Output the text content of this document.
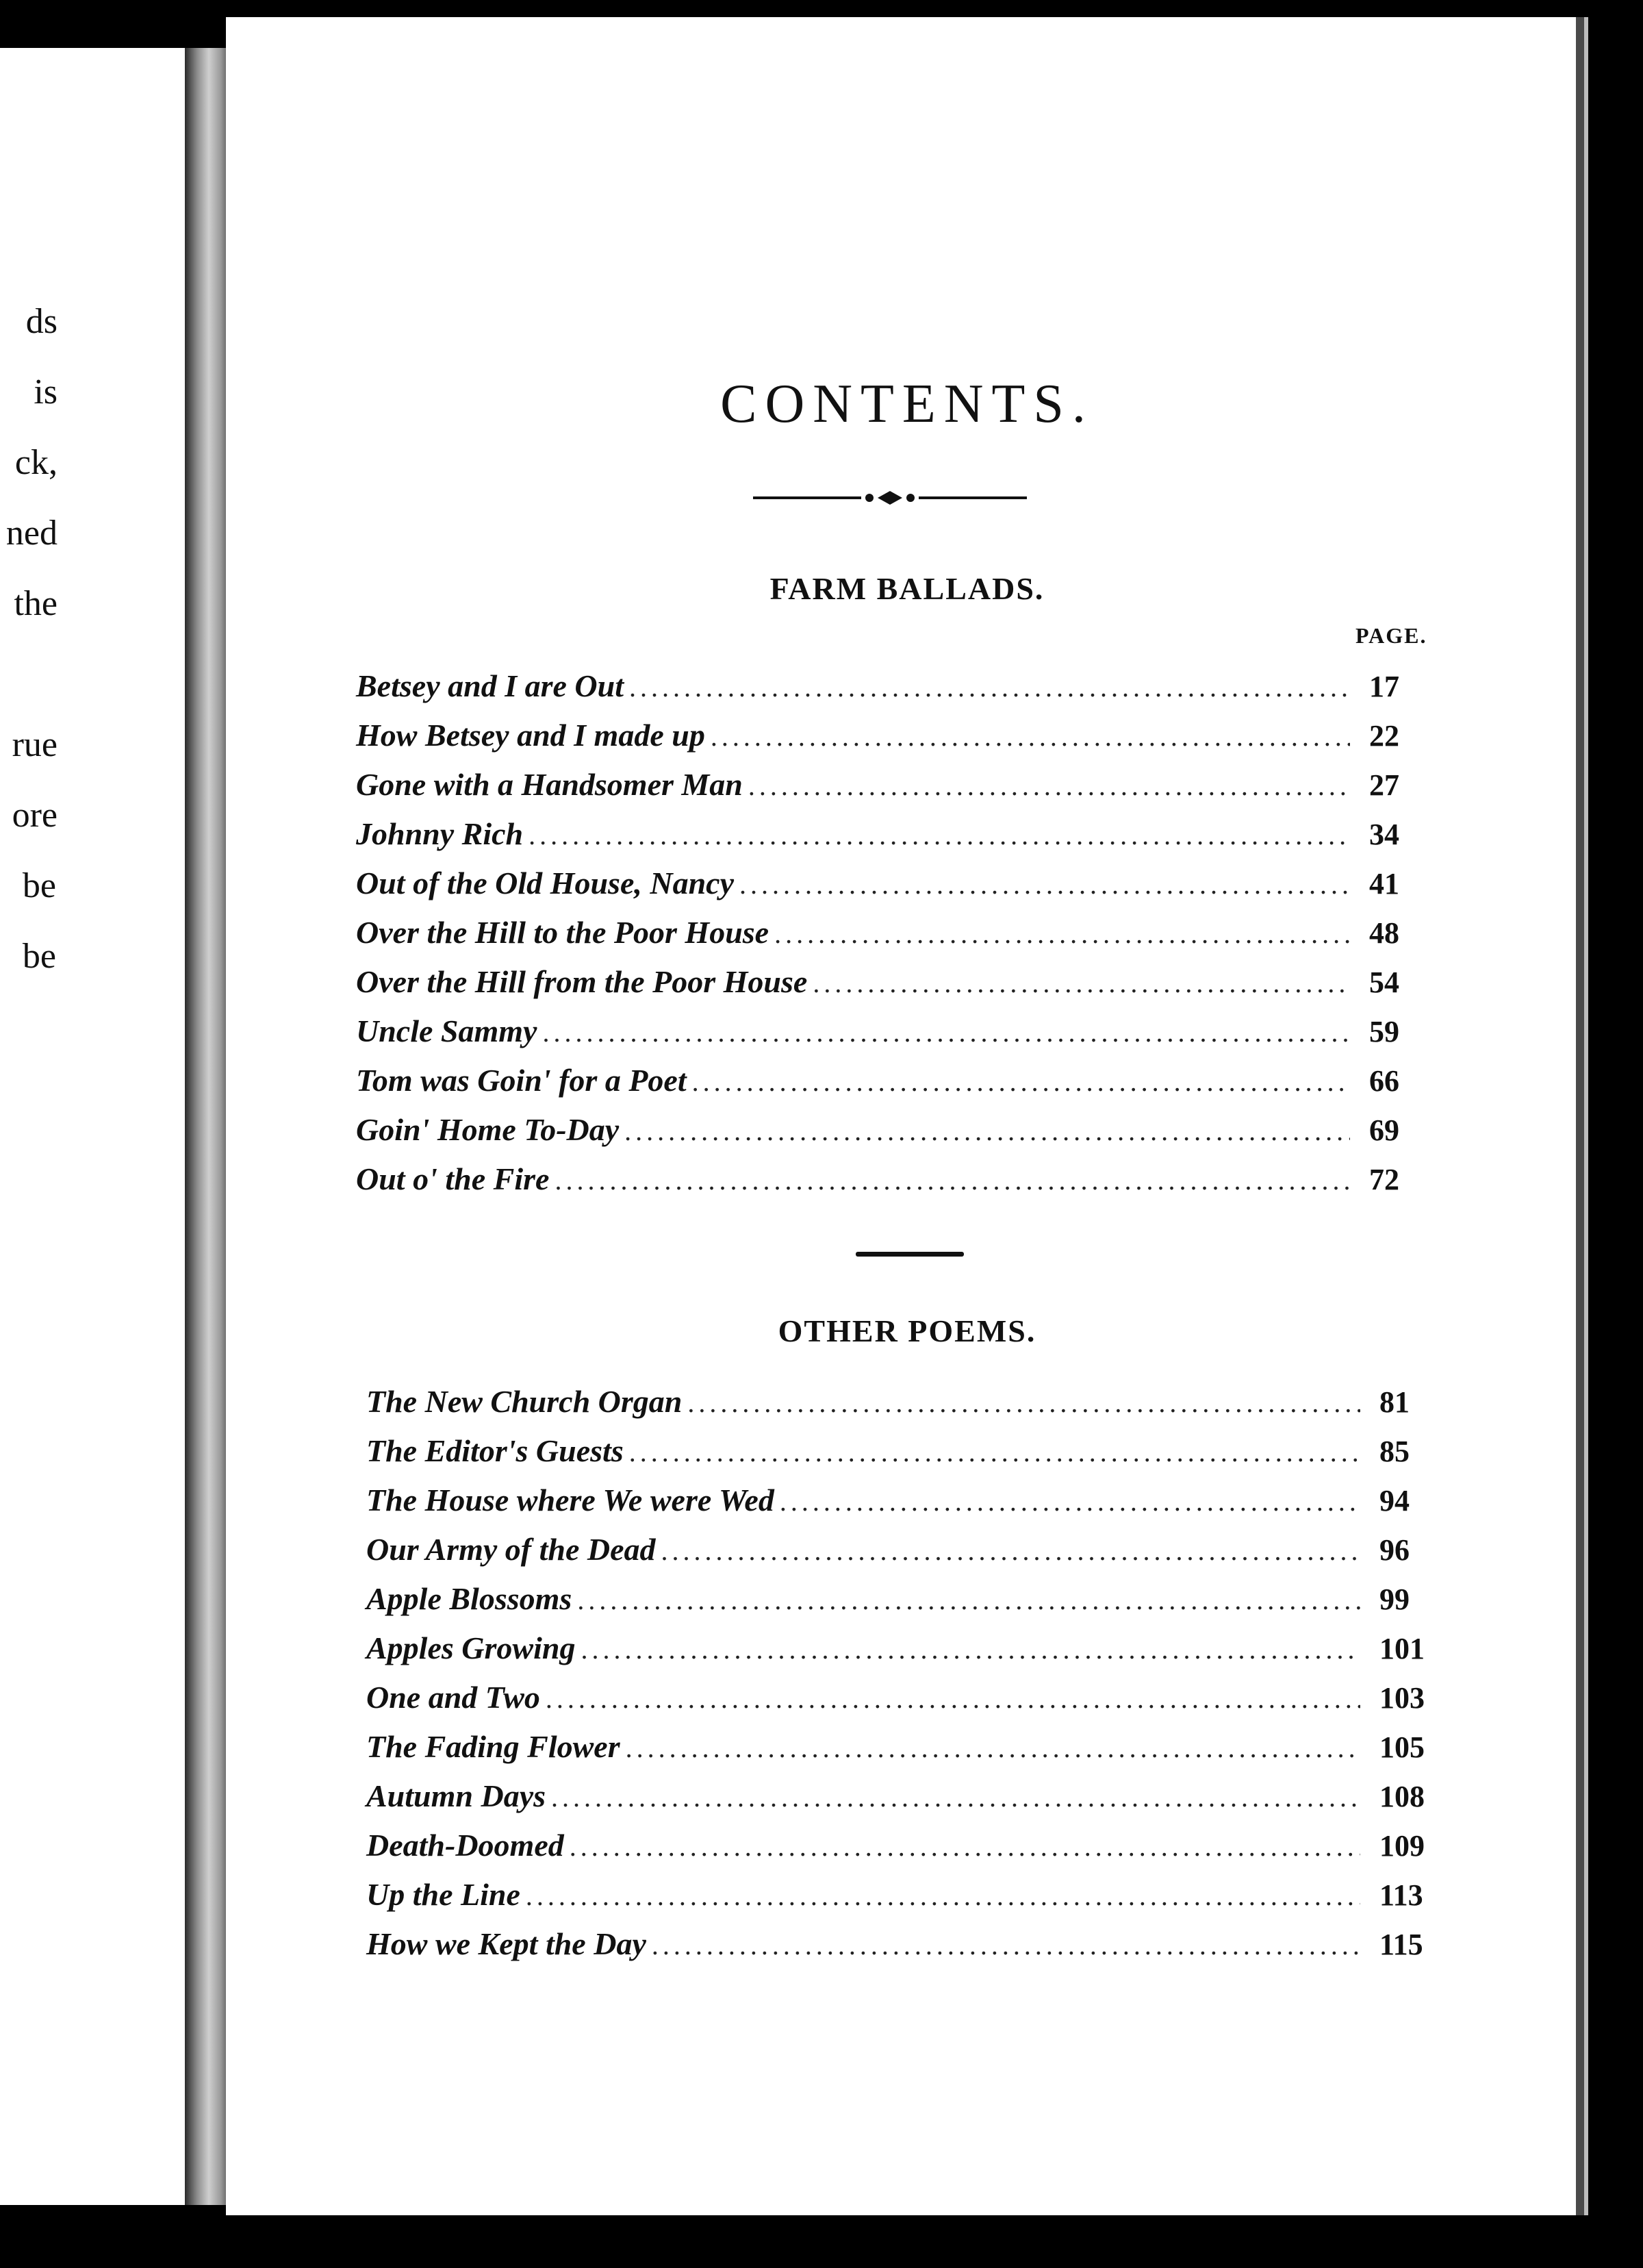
ds
is
ck,
ned
the
rue
ore
be
be
CONTENTS.
FARM BALLADS.
PAGE.
Betsey and I are Out .....	17
How Betsey and I made up .....	22
Gone with a Handsomer Man .....	27
Johnny Rich .....	34
Out of the Old House, Nancy .....	41
Over the Hill to the Poor House .....	48
Over the Hill from the Poor House .....	54
Uncle Sammy .....	59
Tom was Goin' for a Poet .....	66
Goin' Home To-Day .....	69
Out o' the Fire .....	72
OTHER POEMS.
The New Church Organ .....	81
The Editor's Guests .....	85
The House where We were Wed .....	94
Our Army of the Dead .....	96
Apple Blossoms .....	99
Apples Growing .....	101
One and Two .....	103
The Fading Flower .....	105
Autumn Days .....	108
Death-Doomed .....	109
Up the Line .....	113
How we Kept the Day .....	115
